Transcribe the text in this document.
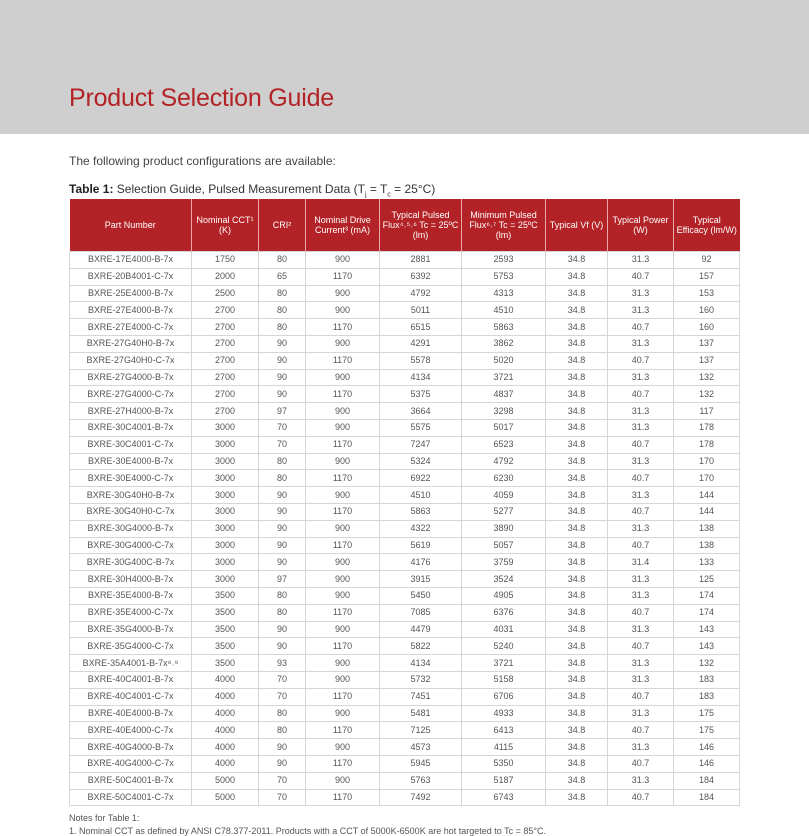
Product Selection Guide
The following product configurations are available:
Table 1: Selection Guide, Pulsed Measurement Data $(T_j = T_c = 25^\circ C)$
Part Number	Nominal CCT¹ (K)	CRI²	Nominal Drive Current³ (mA)	Typical Pulsed Flux⁴˒⁵˒⁶ Tc = 25ºC (lm)	Minimum Pulsed Flux⁶˒⁷ Tc = 25ºC (lm)	Typical Vf (V)	Typical Power (W)	Typical Efficacy (lm/W)
BXRE-17E4000-B-7x	1750	80	900	2881	2593	34.8	31.3	92
BXRE-20B4001-C-7x	2000	65	1170	6392	5753	34.8	40.7	157
BXRE-25E4000-B-7x	2500	80	900	4792	4313	34.8	31.3	153
BXRE-27E4000-B-7x	2700	80	900	5011	4510	34.8	31.3	160
BXRE-27E4000-C-7x	2700	80	1170	6515	5863	34.8	40.7	160
BXRE-27G40H0-B-7x	2700	90	900	4291	3862	34.8	31.3	137
BXRE-27G40H0-C-7x	2700	90	1170	5578	5020	34.8	40.7	137
BXRE-27G4000-B-7x	2700	90	900	4134	3721	34.8	31.3	132
BXRE-27G4000-C-7x	2700	90	1170	5375	4837	34.8	40.7	132
BXRE-27H4000-B-7x	2700	97	900	3664	3298	34.8	31.3	117
BXRE-30C4001-B-7x	3000	70	900	5575	5017	34.8	31.3	178
BXRE-30C4001-C-7x	3000	70	1170	7247	6523	34.8	40.7	178
BXRE-30E4000-B-7x	3000	80	900	5324	4792	34.8	31.3	170
BXRE-30E4000-C-7x	3000	80	1170	6922	6230	34.8	40.7	170
BXRE-30G40H0-B-7x	3000	90	900	4510	4059	34.8	31.3	144
BXRE-30G40H0-C-7x	3000	90	1170	5863	5277	34.8	40.7	144
BXRE-30G4000-B-7x	3000	90	900	4322	3890	34.8	31.3	138
BXRE-30G4000-C-7x	3000	90	1170	5619	5057	34.8	40.7	138
BXRE-30G400C-B-7x	3000	90	900	4176	3759	34.8	31.4	133
BXRE-30H4000-B-7x	3000	97	900	3915	3524	34.8	31.3	125
BXRE-35E4000-B-7x	3500	80	900	5450	4905	34.8	31.3	174
BXRE-35E4000-C-7x	3500	80	1170	7085	6376	34.8	40.7	174
BXRE-35G4000-B-7x	3500	90	900	4479	4031	34.8	31.3	143
BXRE-35G4000-C-7x	3500	90	1170	5822	5240	34.8	40.7	143
BXRE-35A4001-B-7x⁸˒⁹	3500	93	900	4134	3721	34.8	31.3	132
BXRE-40C4001-B-7x	4000	70	900	5732	5158	34.8	31.3	183
BXRE-40C4001-C-7x	4000	70	1170	7451	6706	34.8	40.7	183
BXRE-40E4000-B-7x	4000	80	900	5481	4933	34.8	31.3	175
BXRE-40E4000-C-7x	4000	80	1170	7125	6413	34.8	40.7	175
BXRE-40G4000-B-7x	4000	90	900	4573	4115	34.8	31.3	146
BXRE-40G4000-C-7x	4000	90	1170	5945	5350	34.8	40.7	146
BXRE-50C4001-B-7x	5000	70	900	5763	5187	34.8	31.3	184
BXRE-50C4001-C-7x	5000	70	1170	7492	6743	34.8	40.7	184
Notes for Table 1:
1. Nominal CCT as defined by ANSI C78.377-2011. Products with a CCT of 5000K-6500K are hot targeted to Tc = 85°C.
